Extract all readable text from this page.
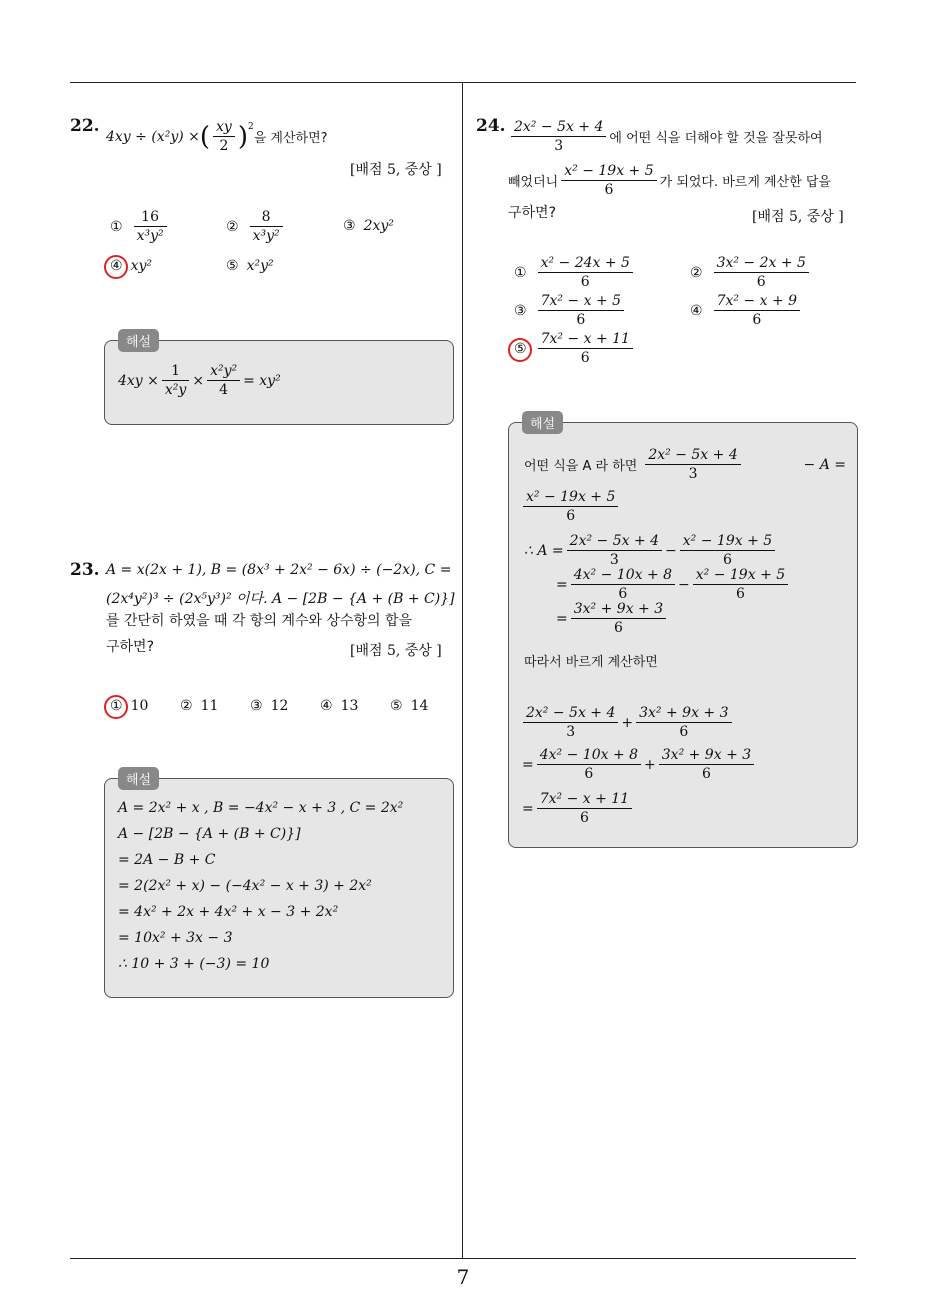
22.
4xy ÷ (x²y) × ( $\frac{xy}{2}$ ) 2
을 계산하면?
[배점 5, 중상 ]
① $\frac{16}{\text{x³y²}}$	② $\frac{8}{\text{x³y²}}$	③ 2xy²
④ xy²	⑤ x²y²
해설
$4xy \times \frac{1}{\text{x²y}} \times \frac{\text{x²y²}}{4} = xy^2$
23. A = x(2x + 1), B = (8x³ + 2x² − 6x) ÷ (−2x), C =
(2x⁴y²)³ ÷ (2x⁵y³)² 이다. A − [2B − {A + (B + C)}]
를 간단히 하였을 때 각 항의 계수와 상수항의 합을
구하면?	[배점 5, 중상 ]
① 10 ② 11 ③ 12 ④ 13 ⑤ 14
해설
A = 2x² + x , B = −4x² − x + 3 , C = 2x²
A − [2B − {A + (B + C)}]
= 2A − B + C
= 2(2x² + x) − (−4x² − x + 3) + 2x²
= 4x² + 2x + 4x² + x − 3 + 2x²
= 10x² + 3x − 3
∴ 10 + 3 + (−3) = 10
24. $\frac{\text{2x² − 5x + 4}}{3}$ 에 어떤 식을 더해야 할 것을 잘못하여
빼었더니 $\frac{\text{x² − 19x + 5}}{6}$ 가 되었다. 바르게 계산한 답을
구하면?	[배점 5, 중상 ]
① $\frac{\text{x² − 24x + 5}}{6}$	② $\frac{\text{3x² − 2x + 5}}{6}$
③ $\frac{\text{7x² − x + 5}}{6}$	④ $\frac{\text{7x² − x + 9}}{6}$
⑤ $\frac{\text{7x² − x + 11}}{6}$
해설
어떤 식을 A 라 하면 $\frac{\text{2x² − 5x + 4}}{3}$	− A =
$\frac{\text{x² − 19x + 5}}{6}$
∴ $A = \frac{\text{2x² − 5x + 4}}{3} - \frac{\text{x² − 19x + 5}}{6}$
= $\frac{\text{4x² − 10x + 8}}{6} - \frac{\text{x² − 19x + 5}}{6}$
= $\frac{\text{3x² + 9x + 3}}{6}$
따라서 바르게 계산하면
$\frac{\text{2x² − 5x + 4}}{3} + \frac{\text{3x² + 9x + 3}}{6}$
= $\frac{\text{4x² − 10x + 8}}{6} + \frac{\text{3x² + 9x + 3}}{6}$
= $\frac{\text{7x² − x + 11}}{6}$
7
